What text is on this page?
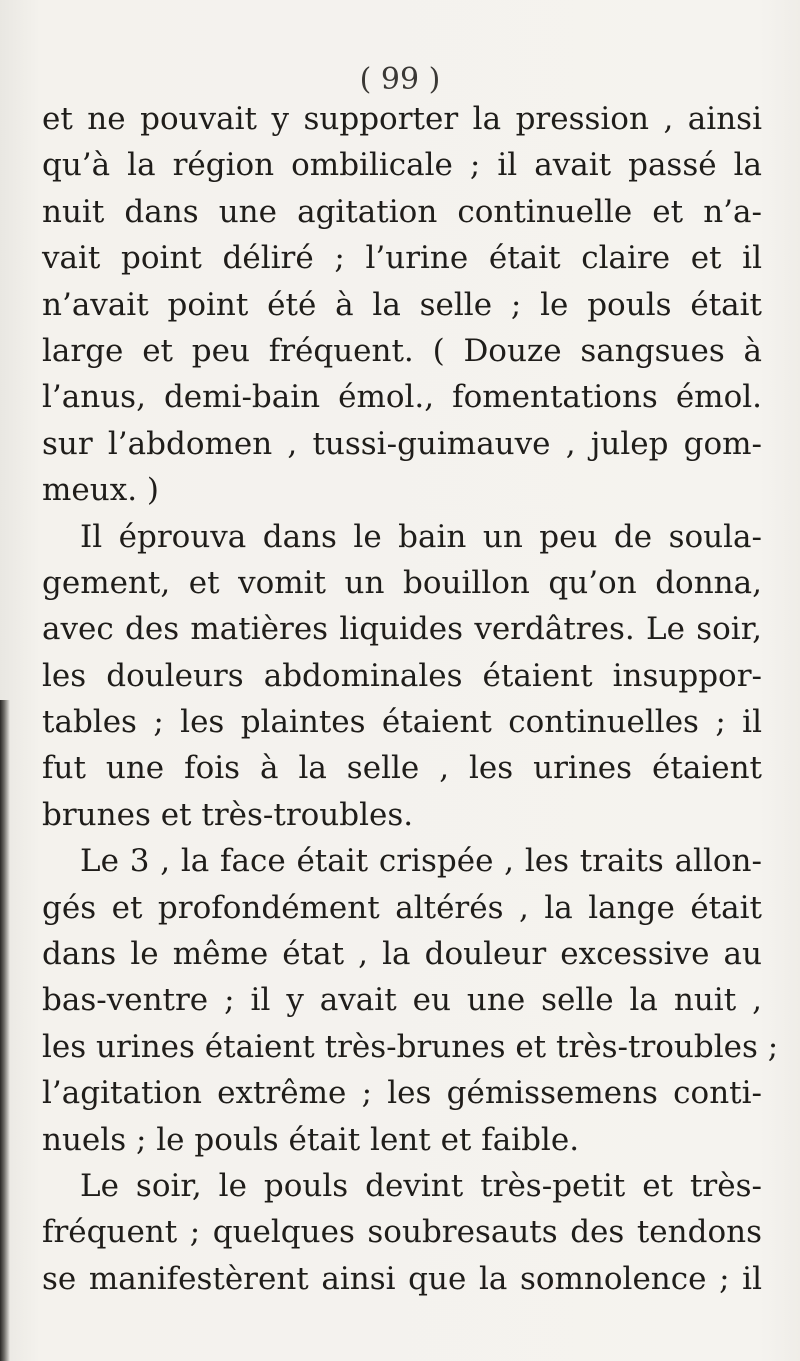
( 99 )
et ne pouvait y supporter la pression , ainsi
qu’à la région ombilicale ; il avait passé la
nuit dans une agitation continuelle et n’a-
vait point déliré ; l’urine était claire et il
n’avait point été à la selle ; le pouls était
large et peu fréquent. ( Douze sangsues à
l’anus, demi-bain émol., fomentations émol.
sur l’abdomen , tussi-guimauve , julep gom-
meux. )
Il éprouva dans le bain un peu de soula-
gement, et vomit un bouillon qu’on donna,
avec des matières liquides verdâtres. Le soir,
les douleurs abdominales étaient insuppor-
tables ; les plaintes étaient continuelles ; il
fut une fois à la selle , les urines étaient
brunes et très-troubles.
Le 3 , la face était crispée , les traits allon-
gés et profondément altérés , la lange était
dans le même état , la douleur excessive au
bas-ventre ; il y avait eu une selle la nuit ,
les urines étaient très-brunes et très-troubles ;
l’agitation extrême ; les gémissemens conti-
nuels ; le pouls était lent et faible.
Le soir, le pouls devint très-petit et très-
fréquent ; quelques soubresauts des tendons
se manifestèrent ainsi que la somnolence ; il
